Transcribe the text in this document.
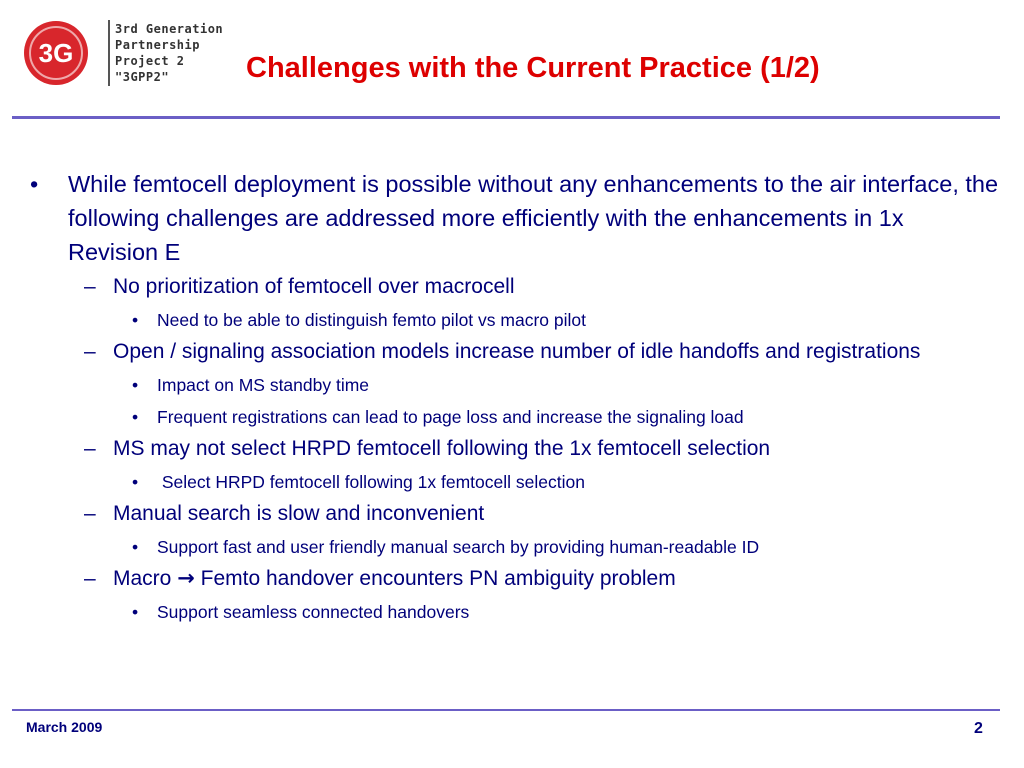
3G
3rd Generation
Partnership
Project 2
"3GPP2"	Challenges with the Current Practice (1/2)
• While femtocell deployment is possible without any enhancements to the air interface, the following challenges are addressed more efficiently with the enhancements in 1x Revision E
– No prioritization of femtocell over macrocell
• Need to be able to distinguish femto pilot vs macro pilot
– Open / signaling association models increase number of idle handoffs and registrations
• Impact on MS standby time
• Frequent registrations can lead to page loss and increase the signaling load
– MS may not select HRPD femtocell following the 1x femtocell selection
• Select HRPD femtocell following 1x femtocell selection
– Manual search is slow and inconvenient
• Support fast and user friendly manual search by providing human-readable ID
– Macro → Femto handover encounters PN ambiguity problem
• Support seamless connected handovers
March 2009	2
